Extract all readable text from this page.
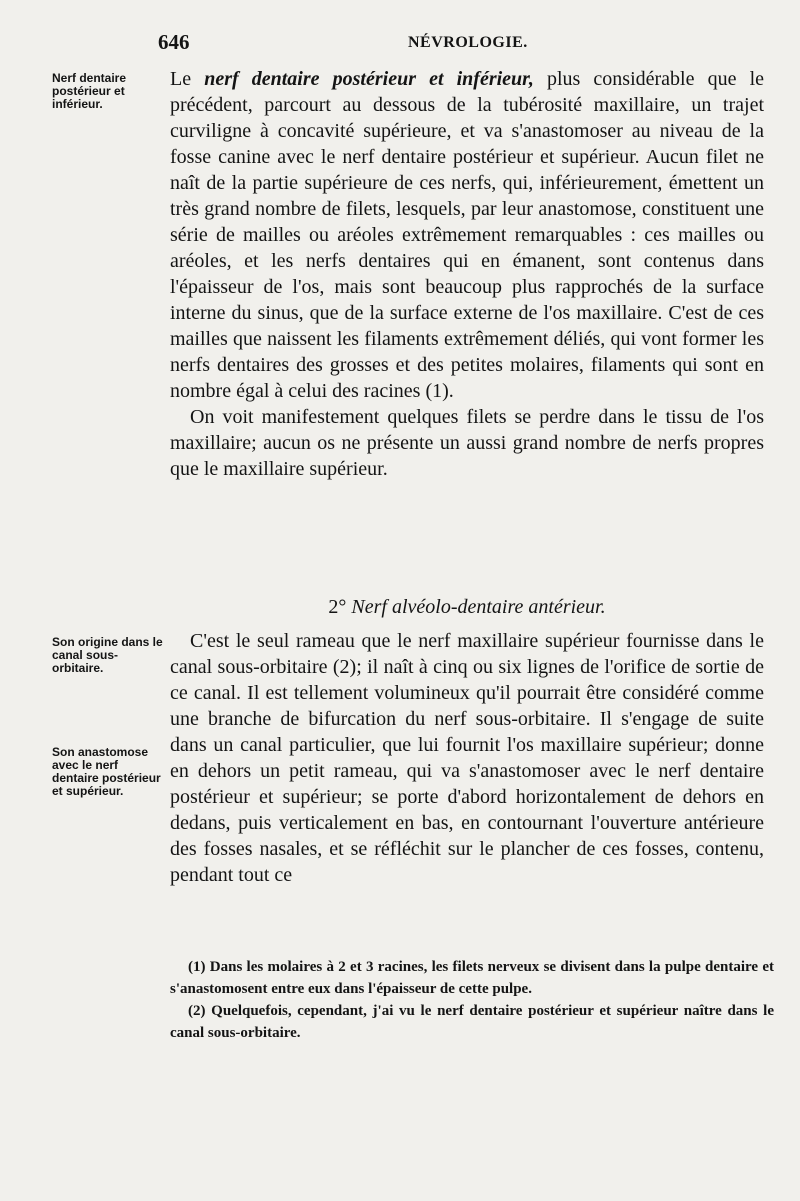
646	NÉVROLOGIE.
Nerf dentaire postérieur et inférieur.
Son origine dans le canal sous-orbitaire.
Son anastomose avec le nerf dentaire postérieur et supérieur.

Le nerf dentaire postérieur et inférieur, plus considérable que le précédent, parcourt au dessous de la tubérosité maxillaire, un trajet curviligne à concavité supérieure, et va s'anastomoser au niveau de la fosse canine avec le nerf dentaire postérieur et supérieur. Aucun filet ne naît de la partie supérieure de ces nerfs, qui, inférieurement, émettent un très grand nombre de filets, lesquels, par leur anastomose, constituent une série de mailles ou aréoles extrêmement remarquables : ces mailles ou aréoles, et les nerfs dentaires qui en émanent, sont contenus dans l'épaisseur de l'os, mais sont beaucoup plus rapprochés de la surface interne du sinus, que de la surface externe de l'os maxillaire. C'est de ces mailles que naissent les filaments extrêmement déliés, qui vont former les nerfs dentaires des grosses et des petites molaires, filaments qui sont en nombre égal à celui des racines (1).

On voit manifestement quelques filets se perdre dans le tissu de l'os maxillaire; aucun os ne présente un aussi grand nombre de nerfs propres que le maxillaire supérieur.

2° Nerf alvéolo-dentaire antérieur.

C'est le seul rameau que le nerf maxillaire supérieur fournisse dans le canal sous-orbitaire (2); il naît à cinq ou six lignes de l'orifice de sortie de ce canal. Il est tellement volumineux qu'il pourrait être considéré comme une branche de bifurcation du nerf sous-orbitaire. Il s'engage de suite dans un canal particulier, que lui fournit l'os maxillaire supérieur; donne en dehors un petit rameau, qui va s'anastomoser avec le nerf dentaire postérieur et supérieur; se porte d'abord horizontalement de dehors en dedans, puis verticalement en bas, en contournant l'ouverture antérieure des fosses nasales, et se réfléchit sur le plancher de ces fosses, contenu, pendant tout ce

(1) Dans les molaires à 2 et 3 racines, les filets nerveux se divisent dans la pulpe dentaire et s'anastomosent entre eux dans l'épaisseur de cette pulpe.

(2) Quelquefois, cependant, j'ai vu le nerf dentaire postérieur et supérieur naître dans le canal sous-orbitaire.
